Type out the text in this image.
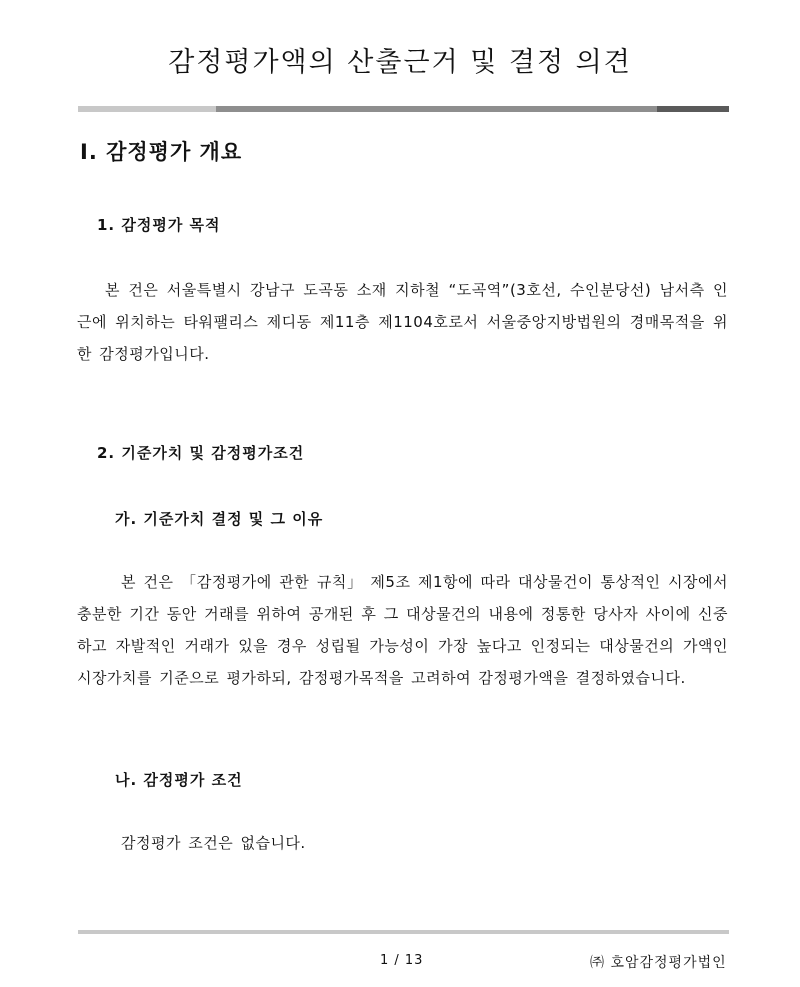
감정평가액의 산출근거 및 결정 의견
Ⅰ. 감정평가 개요
1. 감정평가 목적

본 건은 서울특별시 강남구 도곡동 소재 지하철 “도곡역”(3호선, 수인분당선) 남서측 인근에 위치하는 타워팰리스 제디동 제11층 제1104호로서 서울중앙지방법원의 경매목적을 위한 감정평가입니다.

2. 기준가치 및 감정평가조건
가. 기준가치 결정 및 그 이유

본 건은 「감정평가에 관한 규칙」 제5조 제1항에 따라 대상물건이 통상적인 시장에서 충분한 기간 동안 거래를 위하여 공개된 후 그 대상물건의 내용에 정통한 당사자 사이에 신중하고 자발적인 거래가 있을 경우 성립될 가능성이 가장 높다고 인정되는 대상물건의 가액인 시장가치를 기준으로 평가하되, 감정평가목적을 고려하여 감정평가액을 결정하였습니다.

나. 감정평가 조건

감정평가 조건은 없습니다.

1 / 13	㈜ 호암감정평가법인
